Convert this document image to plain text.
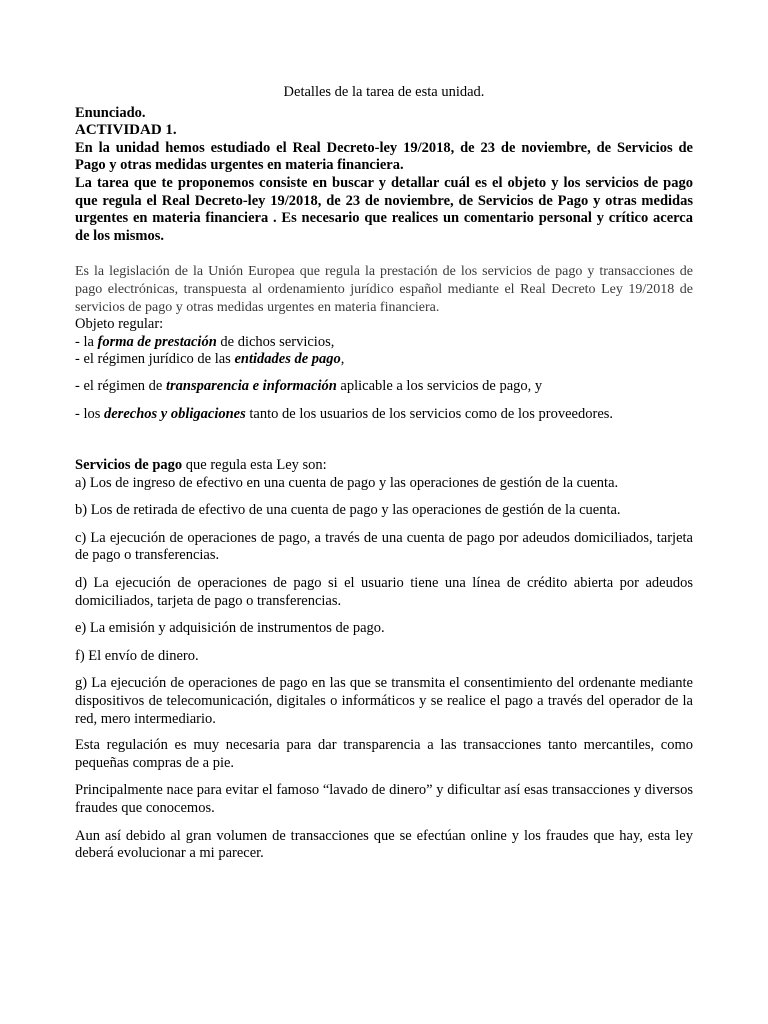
Detalles de la tarea de esta unidad.

Enunciado.

ACTIVIDAD 1.

En la unidad hemos estudiado el Real Decreto-ley 19/2018, de 23 de noviembre, de Servicios de Pago y otras medidas urgentes en materia financiera.

La tarea que te proponemos consiste en buscar y detallar cuál es el objeto y los servicios de pago que regula el Real Decreto-ley 19/2018, de 23 de noviembre, de Servicios de Pago y otras medidas urgentes en materia financiera . Es necesario que realices un comentario personal y crítico acerca de los mismos.

Es la legislación de la Unión Europea que regula la prestación de los servicios de pago y transacciones de pago electrónicas, transpuesta al ordenamiento jurídico español mediante el Real Decreto Ley 19/2018 de servicios de pago y otras medidas urgentes en materia financiera.

Objeto regular:

- la forma de prestación de dichos servicios,

- el régimen jurídico de las entidades de pago,

- el régimen de transparencia e información aplicable a los servicios de pago, y

- los derechos y obligaciones tanto de los usuarios de los servicios como de los proveedores.

Servicios de pago que regula esta Ley son:

a) Los de ingreso de efectivo en una cuenta de pago y las operaciones de gestión de la cuenta.

b) Los de retirada de efectivo de una cuenta de pago y las operaciones de gestión de la cuenta.

c) La ejecución de operaciones de pago, a través de una cuenta de pago por adeudos domiciliados, tarjeta de pago o transferencias.

d) La ejecución de operaciones de pago si el usuario tiene una línea de crédito abierta por adeudos domiciliados, tarjeta de pago o transferencias.

e) La emisión y adquisición de instrumentos de pago.

f) El envío de dinero.

g) La ejecución de operaciones de pago en las que se transmita el consentimiento del ordenante mediante dispositivos de telecomunicación, digitales o informáticos y se realice el pago a través del operador de la red, mero intermediario.

Esta regulación es muy necesaria para dar transparencia a las transacciones tanto mercantiles, como pequeñas compras de a pie.

Principalmente nace para evitar el famoso “lavado de dinero” y dificultar así esas transacciones y diversos fraudes que conocemos.

Aun así debido al gran volumen de transacciones que se efectúan online y los fraudes que hay, esta ley deberá evolucionar a mi parecer.
